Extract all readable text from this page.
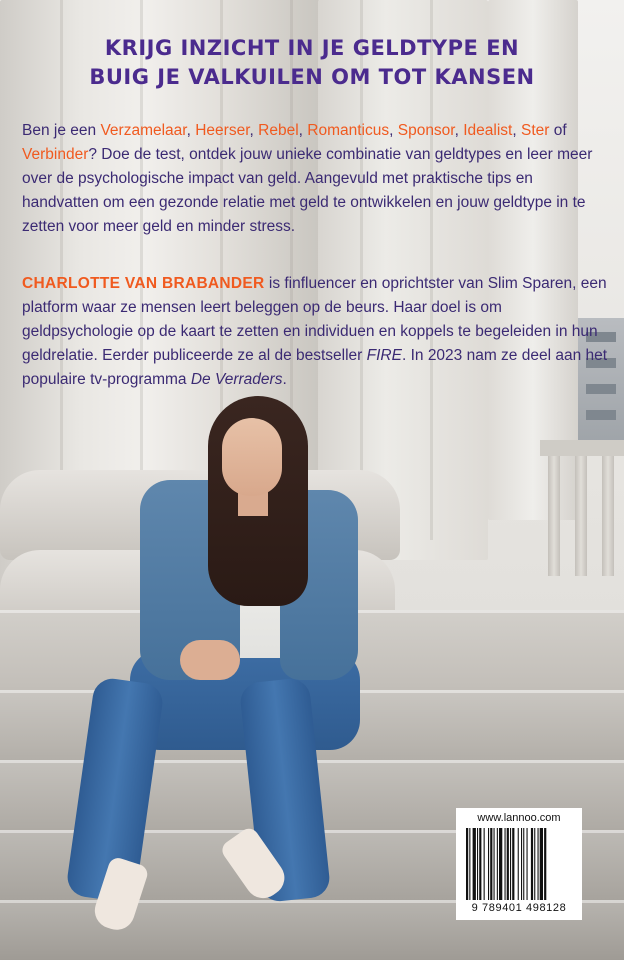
KRIJG INZICHT IN JE GELDTYPE EN
BUIG JE VALKUILEN OM TOT KANSEN

Ben je een Verzamelaar, Heerser, Rebel, Romanticus, Sponsor, Idealist, Ster of Verbinder? Doe de test, ontdek jouw unieke combinatie van geldtypes en leer meer over de psychologische impact van geld. Aangevuld met praktische tips en handvatten om een gezonde relatie met geld te ontwikkelen en jouw geldtype in te zetten voor meer geld en minder stress.

CHARLOTTE VAN BRABANDER is finfluencer en oprichtster van Slim Sparen, een platform waar ze mensen leert beleggen op de beurs. Haar doel is om geldpsychologie op de kaart te zetten en individuen en koppels te begeleiden in hun geldrelatie. Eerder publiceerde ze al de bestseller FIRE. In 2023 nam ze deel aan het populaire tv-programma De Verraders.

www.lannoo.com
9 789401 498128
